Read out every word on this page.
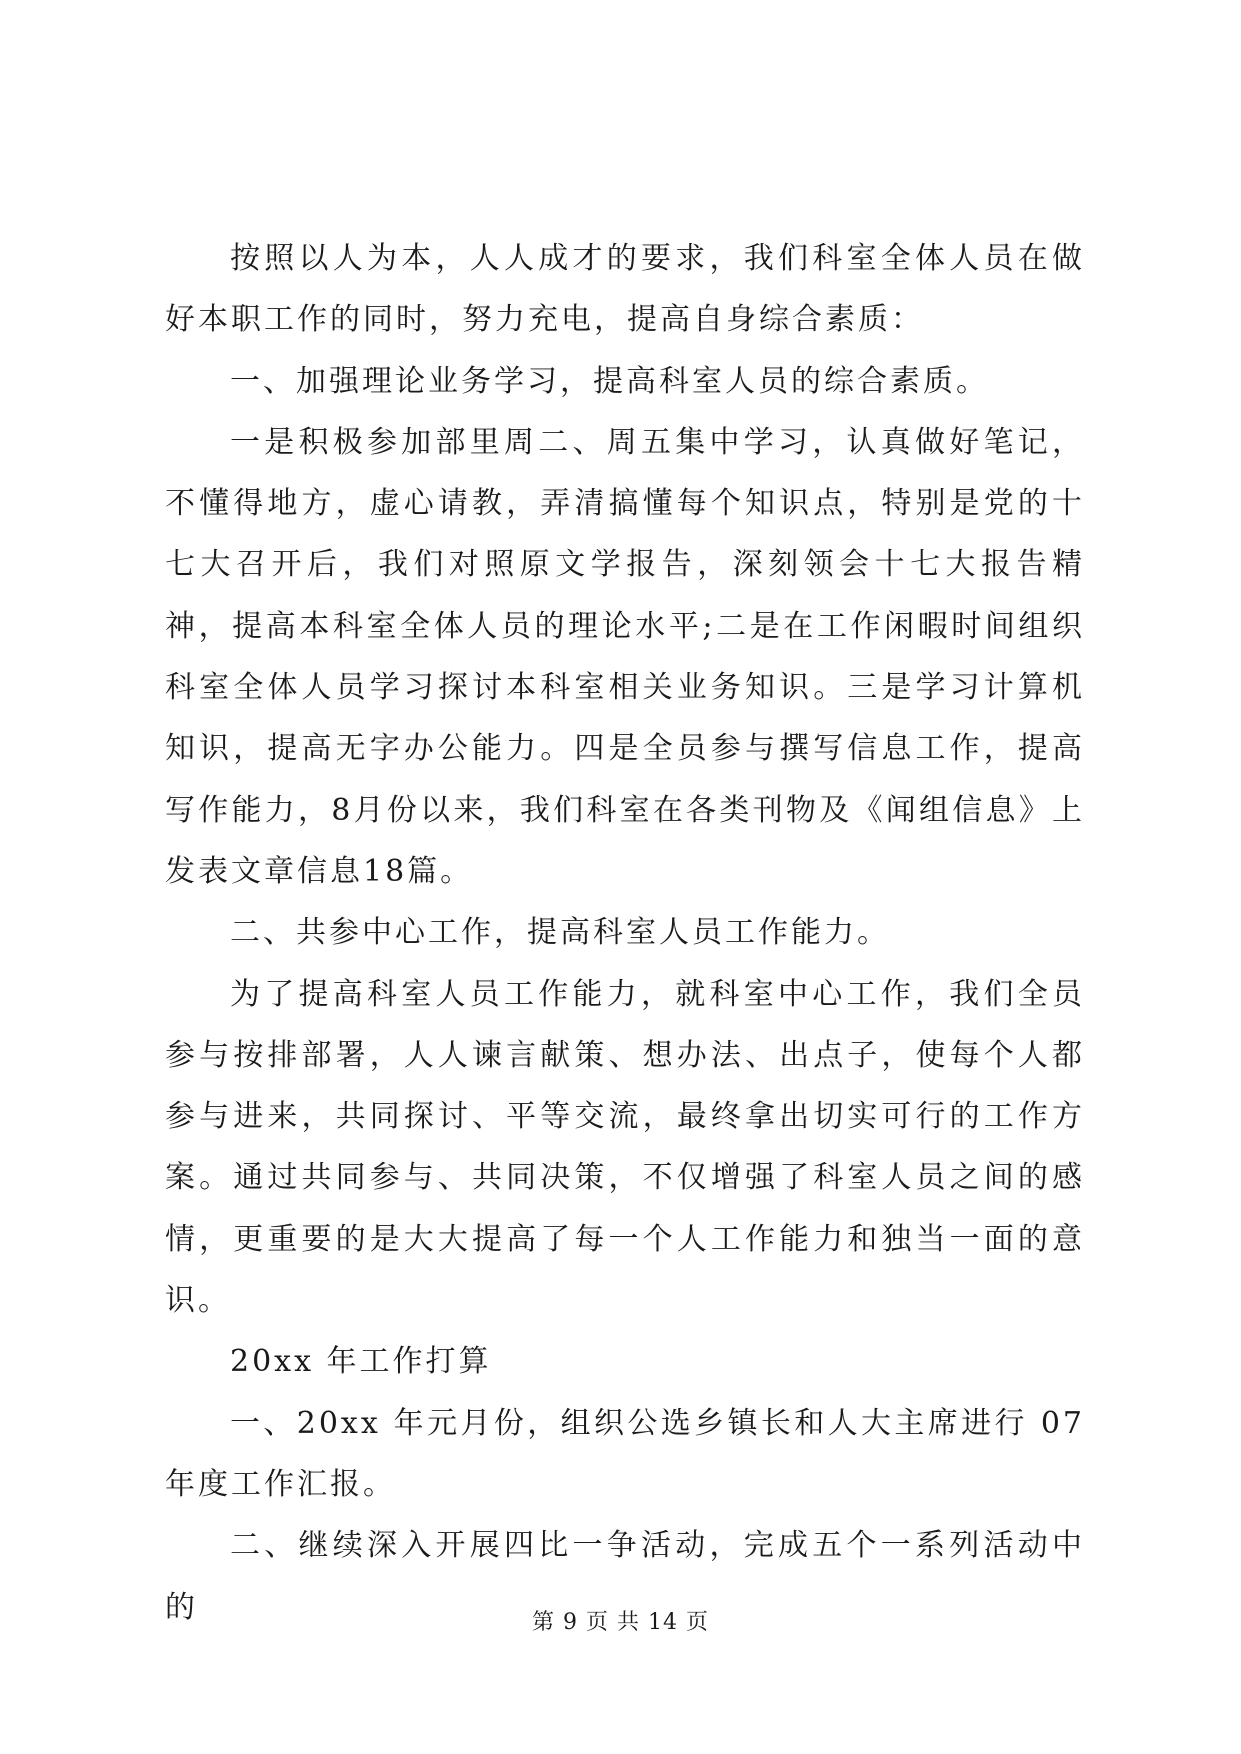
按照以人为本，人人成才的要求，我们科室全体人员在做好本职工作的同时，努力充电，提高自身综合素质：

一、加强理论业务学习，提高科室人员的综合素质。

一是积极参加部里周二、周五集中学习，认真做好笔记，不懂得地方，虚心请教，弄清搞懂每个知识点，特别是党的十七大召开后，我们对照原文学报告，深刻领会十七大报告精神，提高本科室全体人员的理论水平;二是在工作闲暇时间组织科室全体人员学习探讨本科室相关业务知识。三是学习计算机知识，提高无字办公能力。四是全员参与撰写信息工作，提高写作能力，8月份以来，我们科室在各类刊物及《闻组信息》上发表文章信息18篇。

二、共参中心工作，提高科室人员工作能力。

为了提高科室人员工作能力，就科室中心工作，我们全员参与按排部署，人人谏言献策、想办法、出点子，使每个人都参与进来，共同探讨、平等交流，最终拿出切实可行的工作方案。通过共同参与、共同决策，不仅增强了科室人员之间的感情，更重要的是大大提高了每一个人工作能力和独当一面的意识。

20xx 年工作打算

一、20xx 年元月份，组织公选乡镇长和人大主席进行 07 年度工作汇报。

二、继续深入开展四比一争活动，完成五个一系列活动中的	第 9 页 共 14 页
